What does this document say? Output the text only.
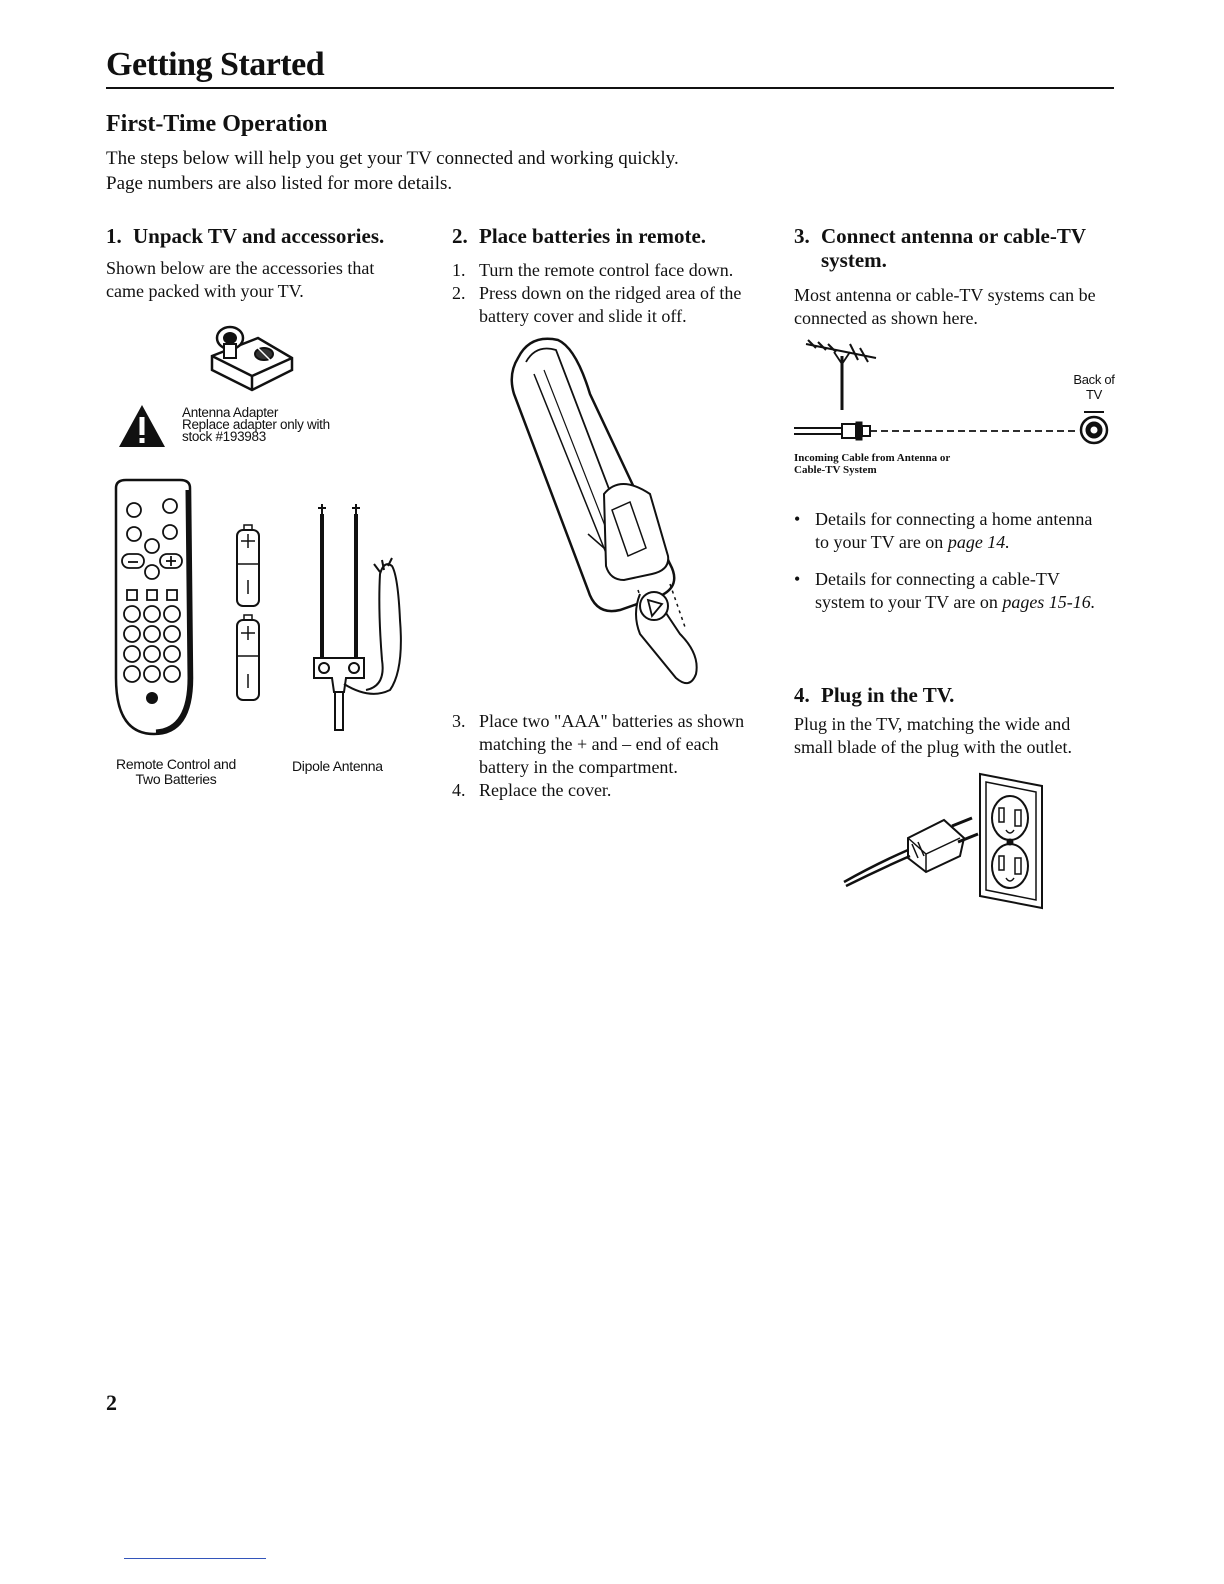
Getting Started
First-Time Operation
The steps below will help you get your TV connected and working quickly.
Page numbers are also listed for more details.
1. Unpack TV and accessories.
Shown below are the accessories that came packed with your TV.
Antenna Adapter
Replace adapter only with
stock #193983
Remote Control and
Two Batteries
Dipole Antenna
2. Place batteries in remote.
1. Turn the remote control face down.
2. Press down on the ridged area of the battery cover and slide it off.
3. Place two "AAA" batteries as shown matching the + and – end of each battery in the compartment.
4. Replace the cover.
3. Connect antenna or cable-TV
system.
Most antenna or cable-TV systems can be connected as shown here.
Back of
TV
Incoming Cable from Antenna or
Cable-TV System
• Details for connecting a home antenna to your TV are on page 14.
• Details for connecting a cable-TV system to your TV are on pages 15-16.
4. Plug in the TV.
Plug in the TV, matching the wide and small blade of the plug with the outlet.
2
